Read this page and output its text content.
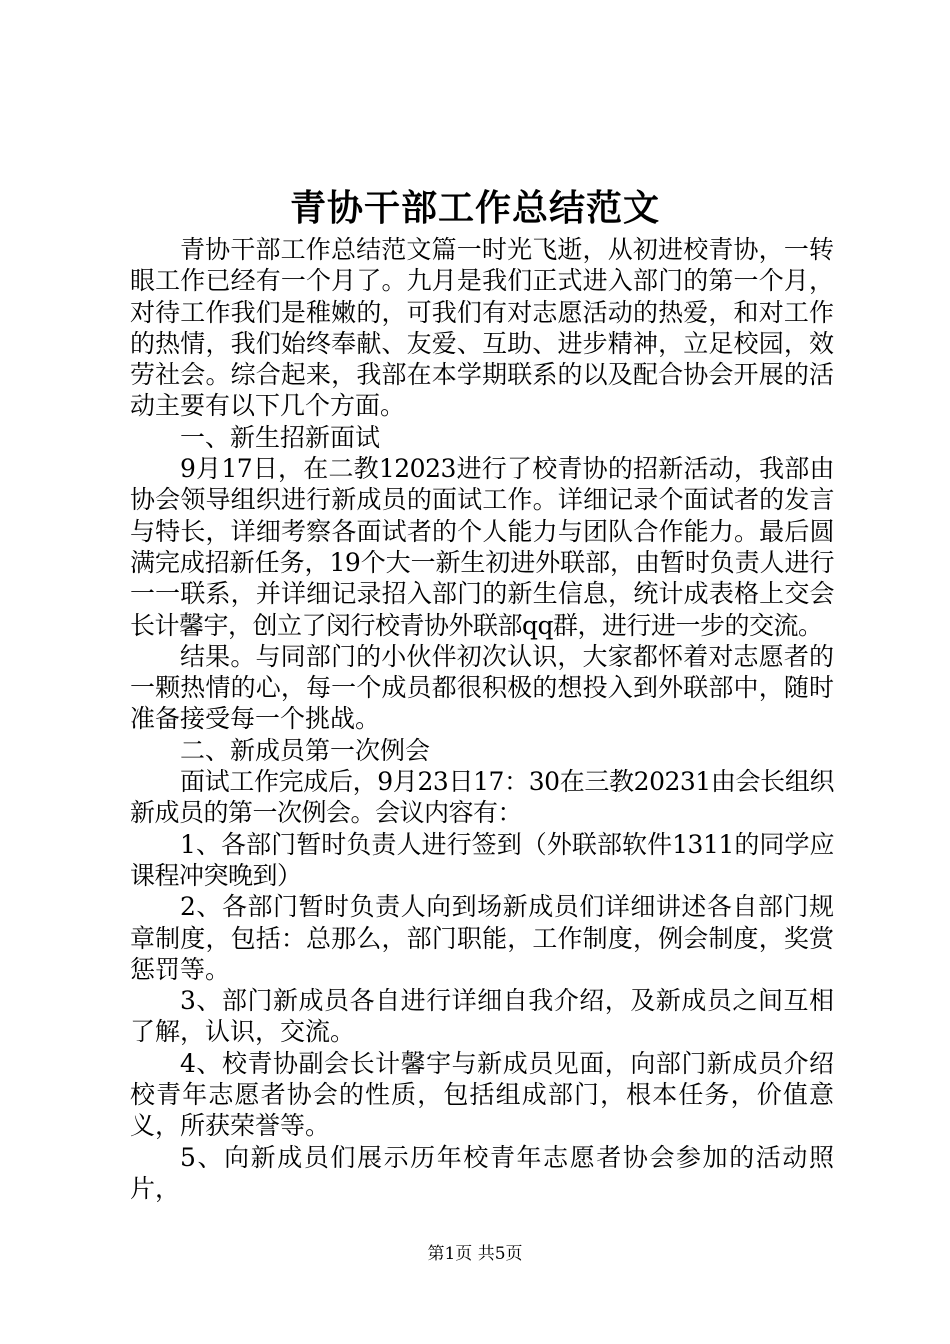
青协干部工作总结范文

青协干部工作总结范文篇一时光飞逝，从初进校青协，一转眼工作已经有一个月了。九月是我们正式进入部门的第一个月，对待工作我们是稚嫩的，可我们有对志愿活动的热爱，和对工作的热情，我们始终奉献、友爱、互助、进步精神，立足校园，效劳社会。综合起来，我部在本学期联系的以及配合协会开展的活动主要有以下几个方面。

一、新生招新面试

9月17日，在二教12023进行了校青协的招新活动，我部由协会领导组织进行新成员的面试工作。详细记录个面试者的发言与特长，详细考察各面试者的个人能力与团队合作能力。最后圆满完成招新任务，19个大一新生初进外联部，由暂时负责人进行一一联系，并详细记录招入部门的新生信息，统计成表格上交会长计馨宇，创立了闵行校青协外联部qq群，进行进一步的交流。

结果。与同部门的小伙伴初次认识，大家都怀着对志愿者的一颗热情的心，每一个成员都很积极的想投入到外联部中，随时准备接受每一个挑战。

二、新成员第一次例会

面试工作完成后，9月23日17：30在三教20231由会长组织新成员的第一次例会。会议内容有：

1、各部门暂时负责人进行签到（外联部软件1311的同学应课程冲突晚到）

2、各部门暂时负责人向到场新成员们详细讲述各自部门规章制度，包括：总那么，部门职能，工作制度，例会制度，奖赏惩罚等。

3、部门新成员各自进行详细自我介绍，及新成员之间互相了解，认识，交流。

4、校青协副会长计馨宇与新成员见面，向部门新成员介绍校青年志愿者协会的性质，包括组成部门，根本任务，价值意义，所获荣誉等。

5、向新成员们展示历年校青年志愿者协会参加的活动照片，

第1页 共5页
